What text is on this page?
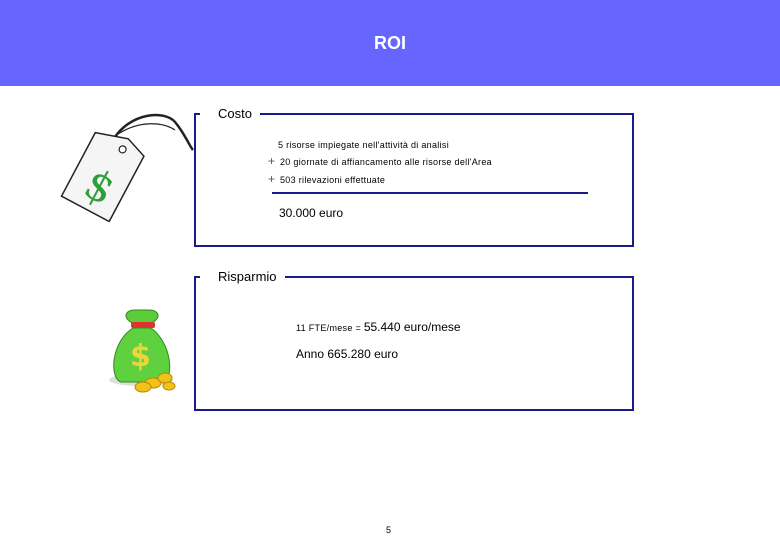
ROI
Costo
5 risorse impiegate nell'attività di analisi
+ 20 giornate di affiancamento alle risorse dell'Area
+ 503 rilevazioni effettuate
30.000 euro
Risparmio
11 FTE/mese = 55.440 euro/mese
Anno 665.280 euro
$
$
5
